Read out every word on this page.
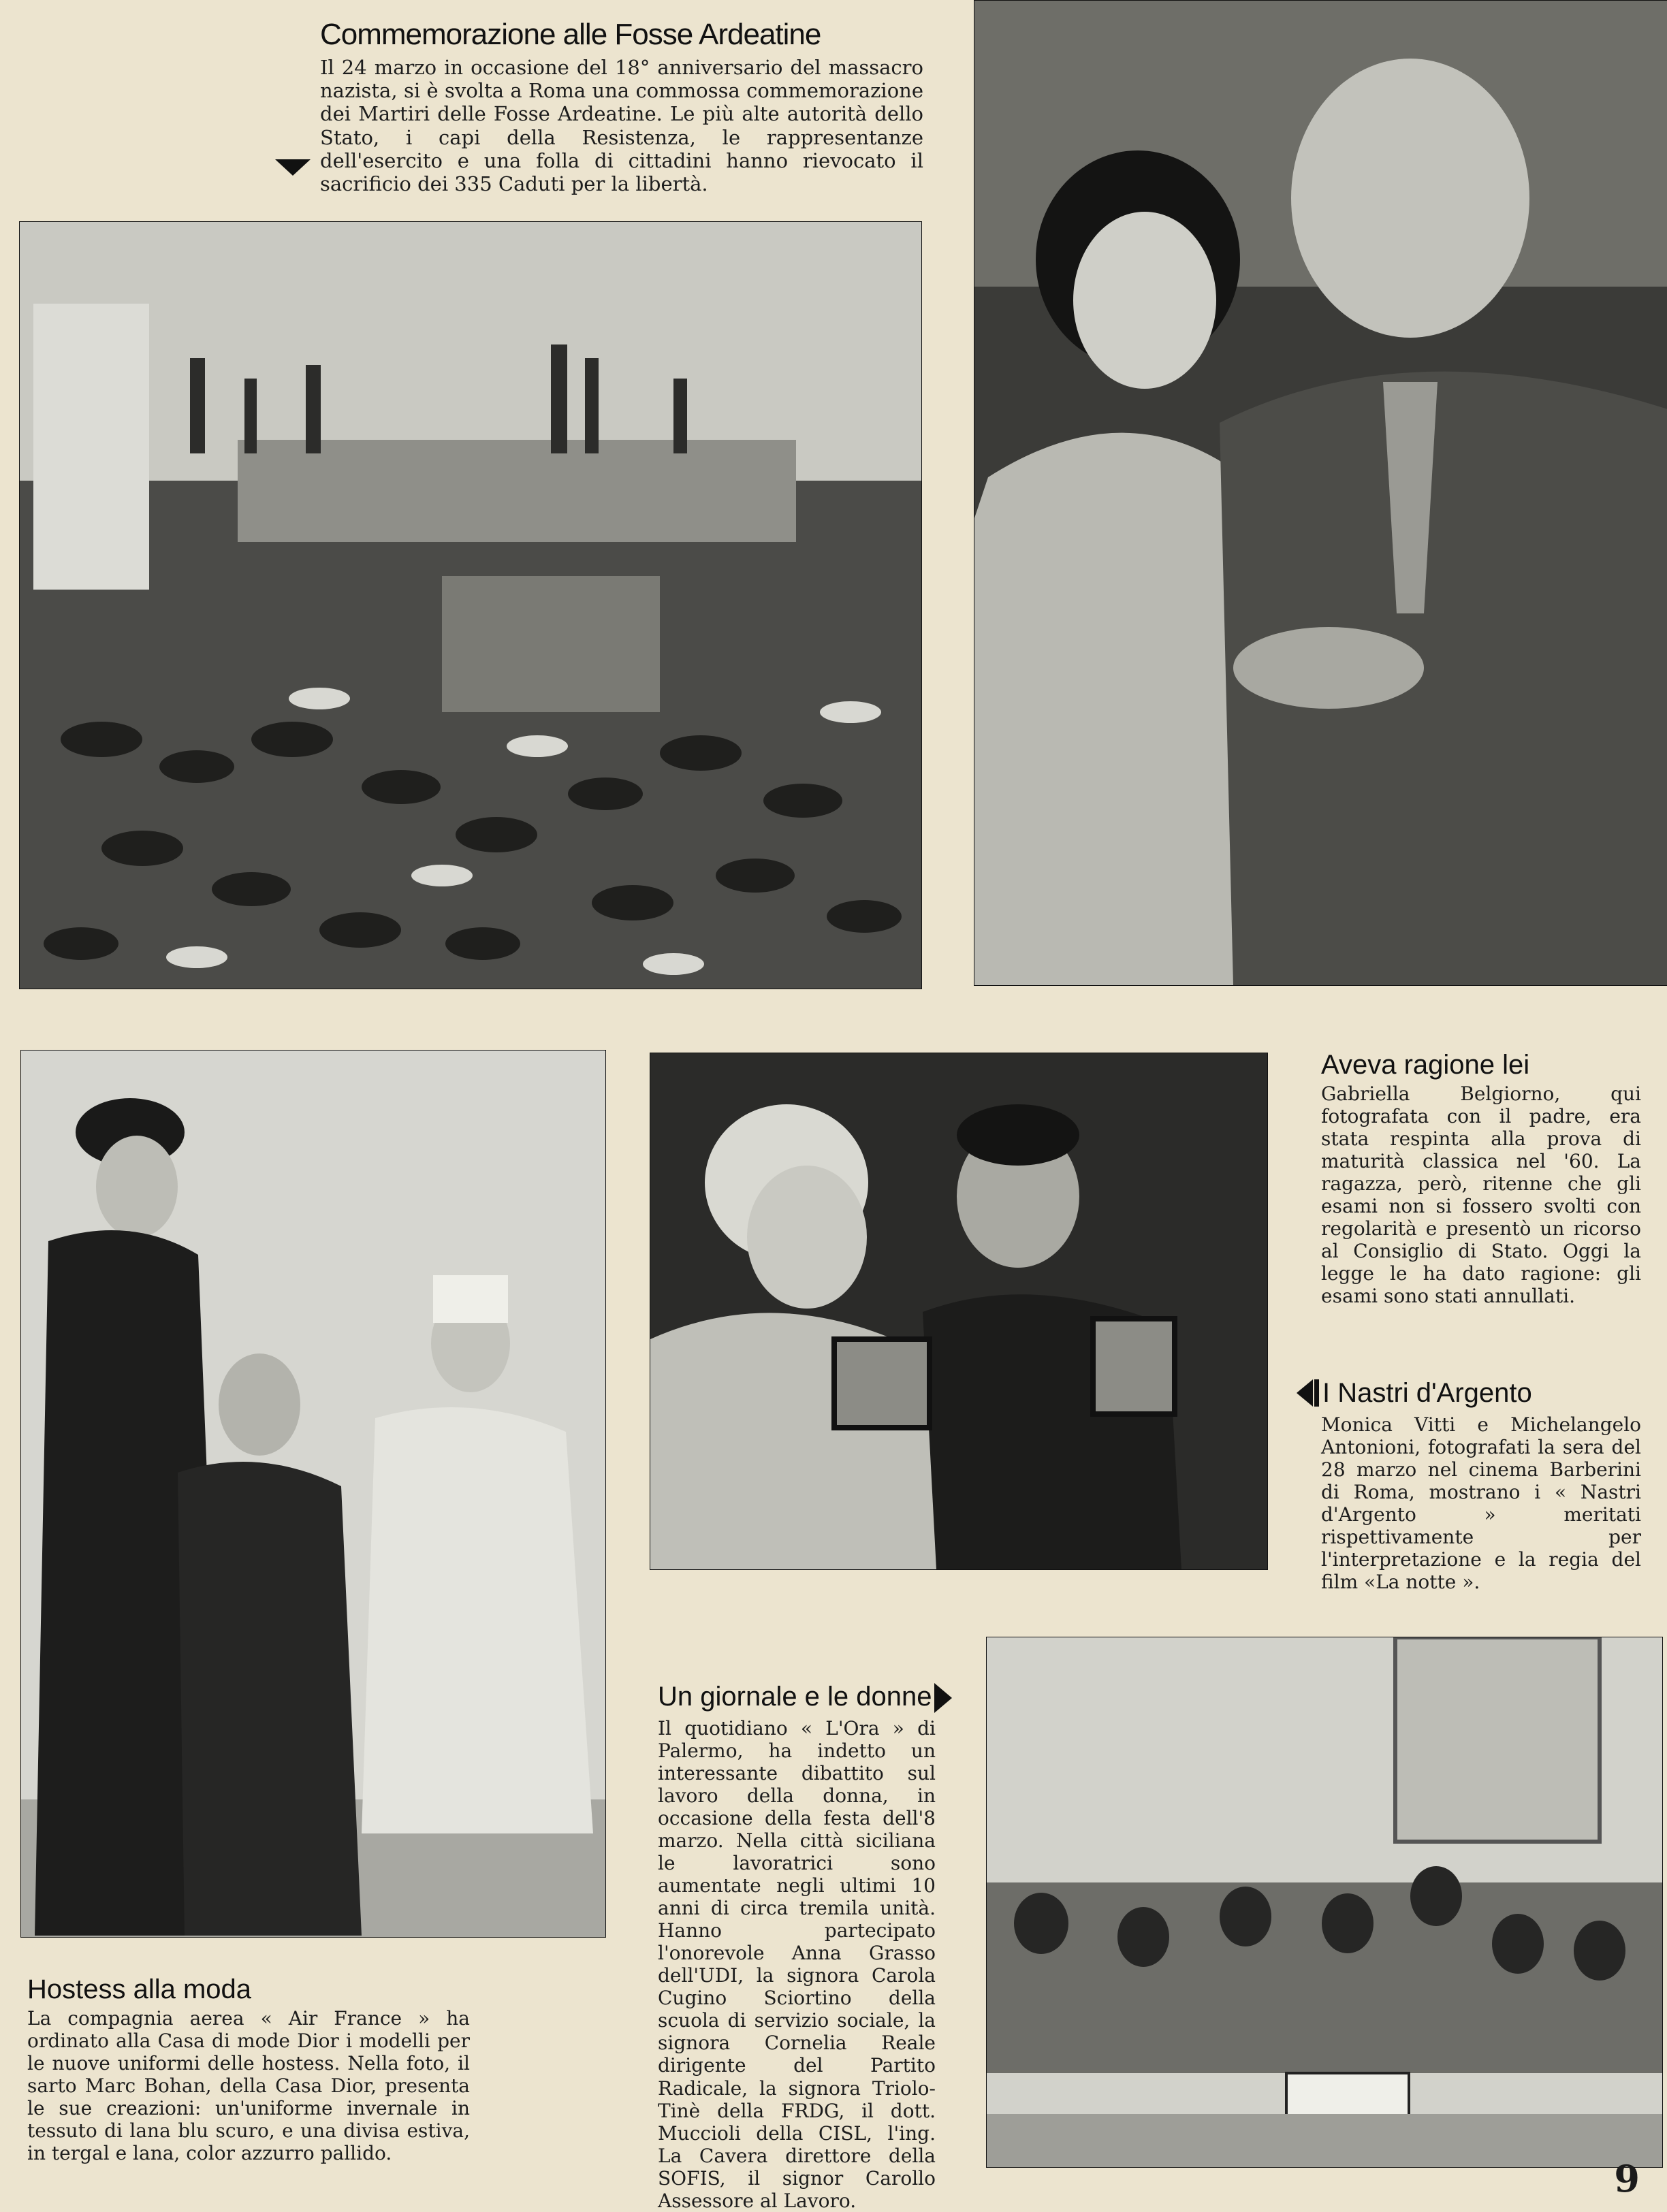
Commemorazione alle Fosse Ardeatine
Il 24 marzo in occasione del 18° anniversario del massacro nazista, si è svolta a Roma una commossa commemorazione dei Martiri delle Fosse Ardeatine. Le più alte autorità dello Stato, i capi della Resistenza, le rappresentanze dell'esercito e una folla di cittadini hanno rievocato il sacrificio dei 335 Caduti per la libertà.
Aveva ragione lei
Gabriella Belgiorno, qui fotografata con il padre, era stata respinta alla prova di maturità classica nel '60. La ragazza, però, ritenne che gli esami non si fossero svolti con regolarità e presentò un ricorso al Consiglio di Stato. Oggi la legge le ha dato ragione: gli esami sono stati annullati.
I Nastri d'Argento
Monica Vitti e Michelangelo Antonioni, fotografati la sera del 28 marzo nel cinema Barberini di Roma, mostrano i « Nastri d'Argento » meritati rispettivamente per l'interpretazione e la regia del film «La notte ».
Un giornale e le donne
Il quotidiano « L'Ora » di Palermo, ha indetto un interessante dibattito sul lavoro della donna, in occasione della festa dell'8 marzo. Nella città siciliana le lavoratrici sono aumentate negli ultimi 10 anni di circa tremila unità. Hanno partecipato l'onorevole Anna Grasso dell'UDI, la signora Carola Cugino Sciortino della scuola di servizio sociale, la signora Cornelia Reale dirigente del Partito Radicale, la signora Triolo-Tinè della FRDG, il dott. Muccioli della CISL, l'ing. La Cavera direttore della SOFIS, il signor Carollo Assessore al Lavoro.
Hostess alla moda
La compagnia aerea « Air France » ha ordinato alla Casa di mode Dior i modelli per le nuove uniformi delle hostess. Nella foto, il sarto Marc Bohan, della Casa Dior, presenta le sue creazioni: un'uniforme invernale in tessuto di lana blu scuro, e una divisa estiva, in tergal e lana, color azzurro pallido.
9
